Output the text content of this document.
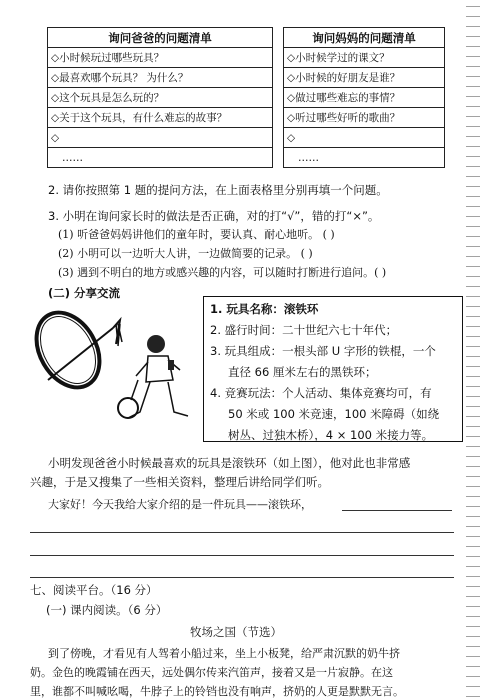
询问爸爸的问题清单
◇小时候玩过哪些玩具？
◇最喜欢哪个玩具？ 为什么？
◇这个玩具是怎么玩的？
◇关于这个玩具，有什么难忘的故事？
◇
……
询问妈妈的问题清单
◇小时候学过的课文？
◇小时候的好朋友是谁？
◇做过哪些难忘的事情？
◇听过哪些好听的歌曲？
◇
……
2. 请你按照第 1 题的提问方法，在上面表格里分别再填一个问题。
3. 小明在询问家长时的做法是否正确，对的打“√”，错的打“×”。
(1) 听爸爸妈妈讲他们的童年时，要认真、耐心地听。 ( )
(2) 小明可以一边听大人讲，一边做简要的记录。 ( )
(3) 遇到不明白的地方或感兴趣的内容，可以随时打断进行追问。( )
(二) 分享交流
1. 玩具名称：滚铁环
2. 盛行时间：二十世纪六七十年代；
3. 玩具组成：一根头部 U 字形的铁棍，一个
直径 66 厘米左右的黑铁环；
4. 竞赛玩法：个人活动、集体竞赛均可，有
50 米或 100 米竞速，100 米障碍（如绕
树丛、过独木桥），4 × 100 米接力等。
小明发现爸爸小时候最喜欢的玩具是滚铁环（如上图），他对此也非常感
兴趣，于是又搜集了一些相关资料，整理后讲给同学们听。
大家好！今天我给大家介绍的是一件玩具——滚铁环，
七、阅读平台。（16 分）
(一) 课内阅读。（6 分）
牧场之国（节选）
到了傍晚，才看见有人驾着小船过来，坐上小板凳，给严肃沉默的奶牛挤
奶。金色的晚霞铺在西天，远处偶尔传来汽笛声，接着又是一片寂静。在这
里，谁都不叫喊吆喝，牛脖子上的铃铛也没有响声，挤奶的人更是默默无言。
